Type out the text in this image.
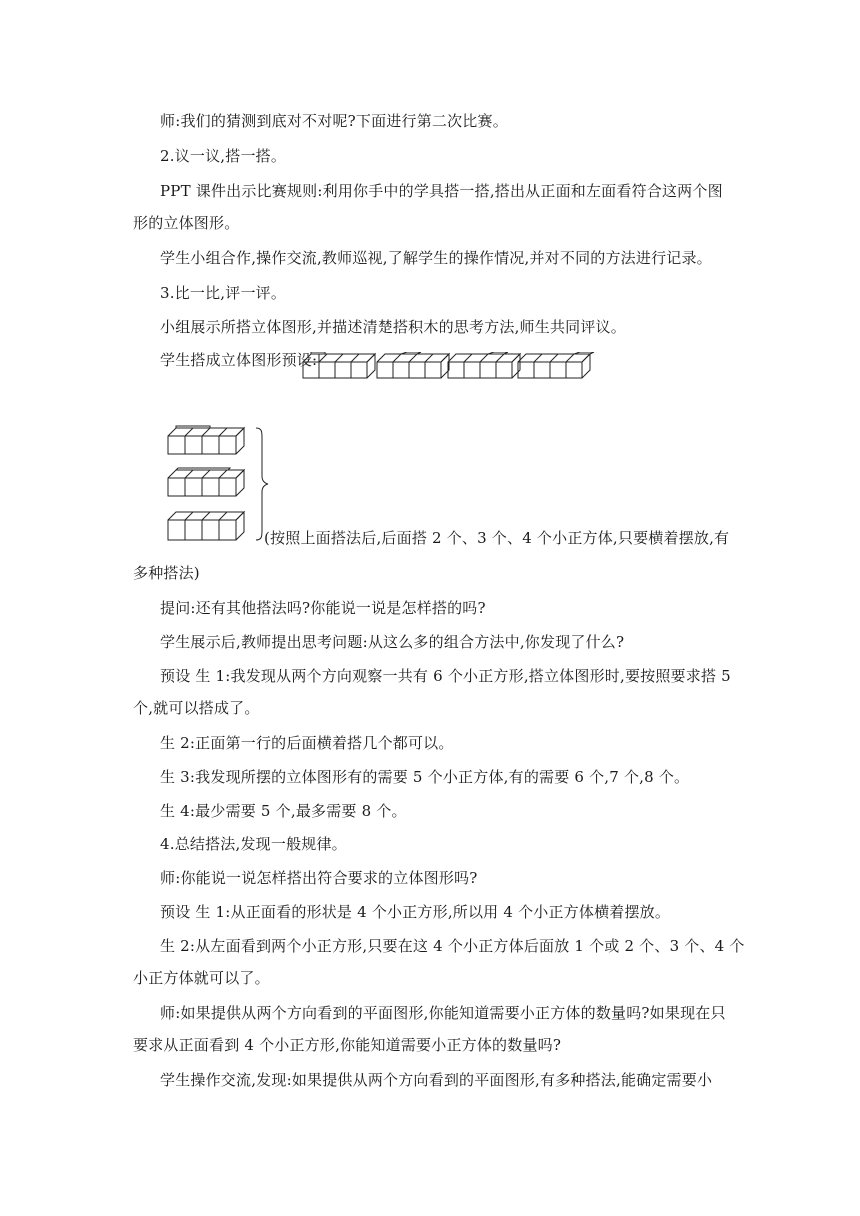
师:我们的猜测到底对不对呢?下面进行第二次比赛。
2.议一议,搭一搭。
PPT 课件出示比赛规则:利用你手中的学具搭一搭,搭出从正面和左面看符合这两个图
形的立体图形。
学生小组合作,操作交流,教师巡视,了解学生的操作情况,并对不同的方法进行记录。
3.比一比,评一评。
小组展示所搭立体图形,并描述清楚搭积木的思考方法,师生共同评议。
学生搭成立体图形预设:
(按照上面搭法后,后面搭 2 个、3 个、4 个小正方体,只要横着摆放,有
多种搭法)
提问:还有其他搭法吗?你能说一说是怎样搭的吗?
学生展示后,教师提出思考问题:从这么多的组合方法中,你发现了什么?
预设 生 1:我发现从两个方向观察一共有 6 个小正方形,搭立体图形时,要按照要求搭 5
个,就可以搭成了。
生 2:正面第一行的后面横着搭几个都可以。
生 3:我发现所摆的立体图形有的需要 5 个小正方体,有的需要 6 个,7 个,8 个。
生 4:最少需要 5 个,最多需要 8 个。
4.总结搭法,发现一般规律。
师:你能说一说怎样搭出符合要求的立体图形吗?
预设 生 1:从正面看的形状是 4 个小正方形,所以用 4 个小正方体横着摆放。
生 2:从左面看到两个小正方形,只要在这 4 个小正方体后面放 1 个或 2 个、3 个、4 个
小正方体就可以了。
师:如果提供从两个方向看到的平面图形,你能知道需要小正方体的数量吗?如果现在只
要求从正面看到 4 个小正方形,你能知道需要小正方体的数量吗?
学生操作交流,发现:如果提供从两个方向看到的平面图形,有多种搭法,能确定需要小
